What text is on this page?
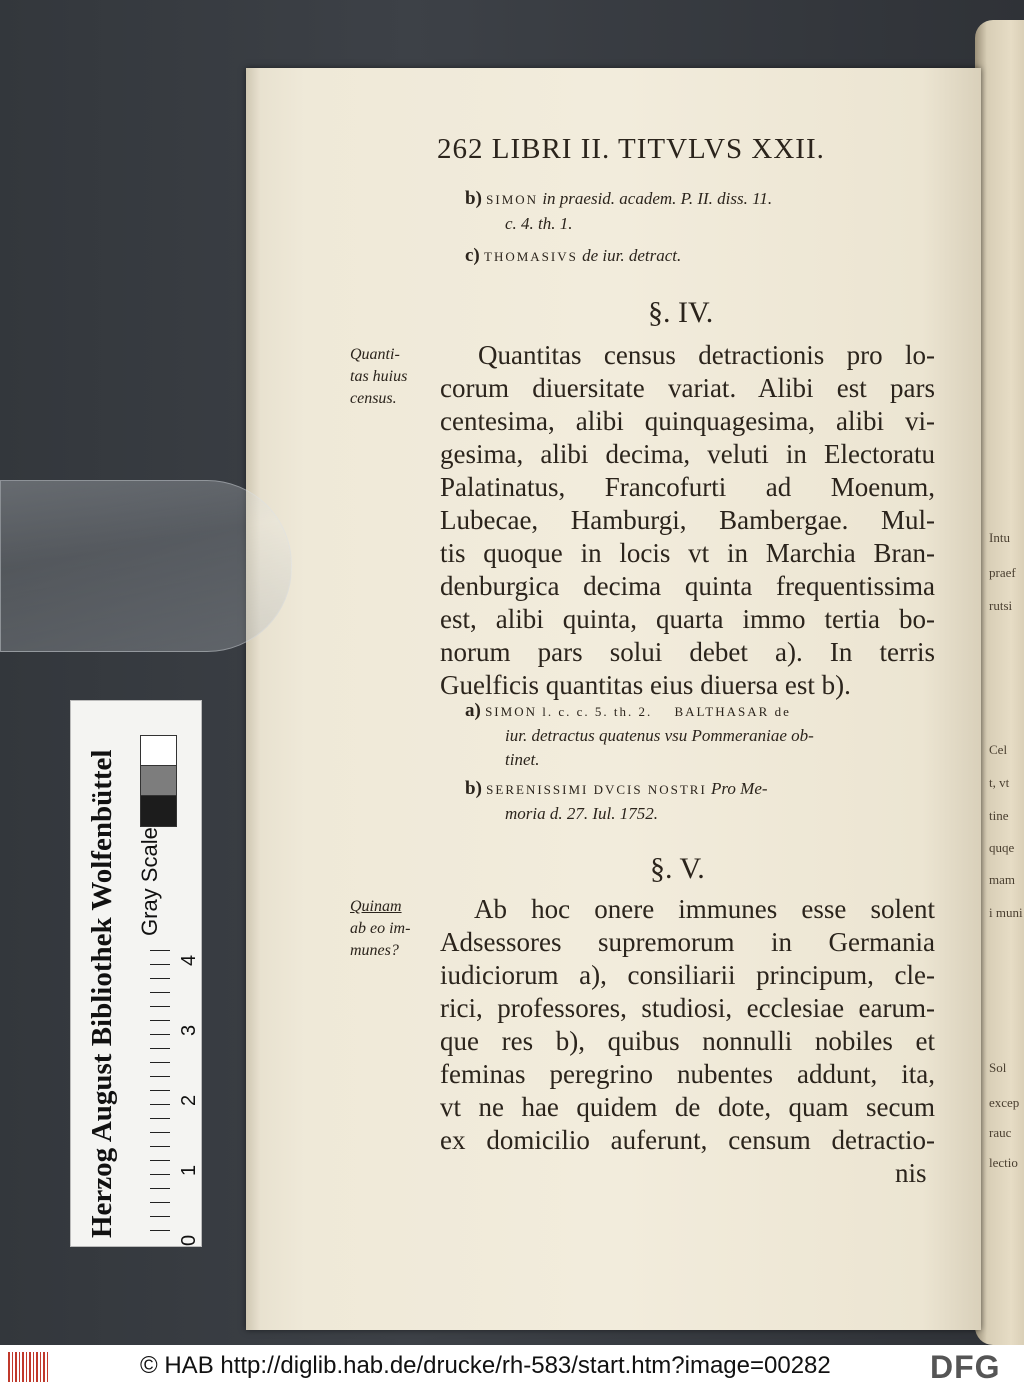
Intu
praef
rutsi
Cel
t, vt
tine
quqe
mam
i muni
Sol
excep
rauc
lectio
262 LIBRI II. TITVLVS XXII.
b) SIMON in praesid. academ. P. II. diss. 11.
c. 4. th. 1.
c) THOMASIVS de iur. detract.
§. IV.
Quanti-
tas huius
census.
Quantitas census detractionis pro lo-
corum diuersitate variat. Alibi est pars
centesima, alibi quinquagesima, alibi vi-
gesima, alibi decima, veluti in Electoratu
Palatinatus, Francofurti ad Moenum,
Lubecae, Hamburgi, Bambergae. Mul-
tis quoque in locis vt in Marchia Bran-
denburgica decima quinta frequentissima
est, alibi quinta, quarta immo tertia bo-
norum pars solui debet a). In terris
Guelficis quantitas eius diuersa est b).
a) SIMON l. c. c. 5. th. 2. BALTHASAR de
iur. detractus quatenus vsu Pommeraniae ob-
tinet.
b) SERENISSIMI DVCIS NOSTRI Pro Me-
moria d. 27. Iul. 1752.
§. V.
Quinam
ab eo im-
munes?
Ab hoc onere immunes esse solent
Adsessores supremorum in Germania
iudiciorum a), consiliarii principum, cle-
rici, professores, studiosi, ecclesiae earum-
que res b), quibus nonnulli nobiles et
feminas peregrino nubentes addunt, ita,
vt ne hae quidem de dote, quam secum
ex domicilio auferunt, censum detractio-
nis
Herzog August Bibliothek Wolfenbüttel Gray Scale
0
1
2
3
4
© HAB http://diglib.hab.de/drucke/rh-583/start.htm?image=00282	DFG
